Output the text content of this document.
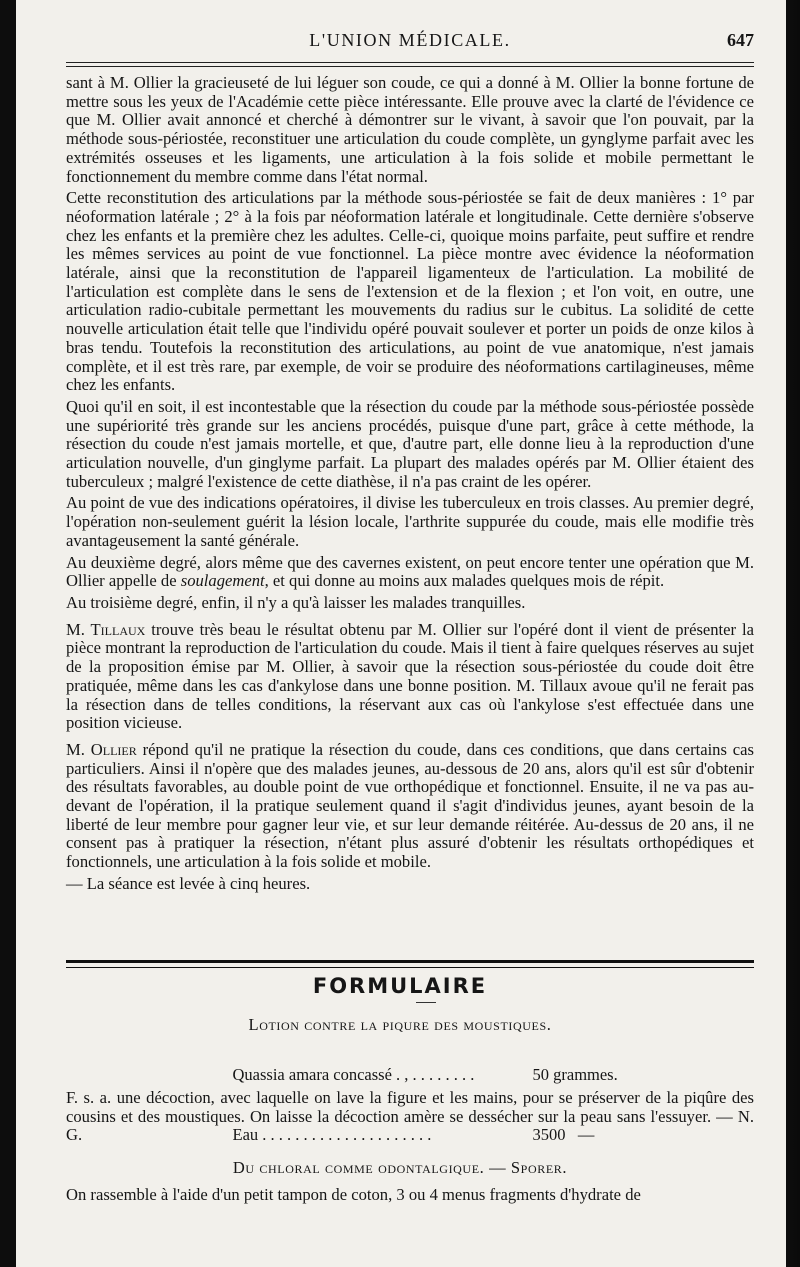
L'UNION MÉDICALE.	647

sant à M. Ollier la gracieuseté de lui léguer son coude, ce qui a donné à M. Ollier la bonne fortune de mettre sous les yeux de l'Académie cette pièce intéressante. Elle prouve avec la clarté de l'évidence ce que M. Ollier avait annoncé et cherché à démontrer sur le vivant, à savoir que l'on pouvait, par la méthode sous-périostée, reconstituer une articulation du coude complète, un gynglyme parfait avec les extrémités osseuses et les ligaments, une articulation à la fois solide et mobile permettant le fonctionnement du membre comme dans l'état normal.

Cette reconstitution des articulations par la méthode sous-périostée se fait de deux manières : 1° par néoformation latérale ; 2° à la fois par néoformation latérale et longitudinale. Cette dernière s'observe chez les enfants et la première chez les adultes. Celle-ci, quoique moins parfaite, peut suffire et rendre les mêmes services au point de vue fonctionnel. La pièce montre avec évidence la néoformation latérale, ainsi que la reconstitution de l'appareil ligamenteux de l'articulation. La mobilité de l'articulation est complète dans le sens de l'extension et de la flexion ; et l'on voit, en outre, une articulation radio-cubitale permettant les mouvements du radius sur le cubitus. La solidité de cette nouvelle articulation était telle que l'individu opéré pouvait soulever et porter un poids de onze kilos à bras tendu. Toutefois la reconstitution des articulations, au point de vue anatomique, n'est jamais complète, et il est très rare, par exemple, de voir se produire des néoformations cartilagineuses, même chez les enfants.

Quoi qu'il en soit, il est incontestable que la résection du coude par la méthode sous-périostée possède une supériorité très grande sur les anciens procédés, puisque d'une part, grâce à cette méthode, la résection du coude n'est jamais mortelle, et que, d'autre part, elle donne lieu à la reproduction d'une articulation nouvelle, d'un ginglyme parfait. La plupart des malades opérés par M. Ollier étaient des tuberculeux ; malgré l'existence de cette diathèse, il n'a pas craint de les opérer.

Au point de vue des indications opératoires, il divise les tuberculeux en trois classes. Au premier degré, l'opération non-seulement guérit la lésion locale, l'arthrite suppurée du coude, mais elle modifie très avantageusement la santé générale.

Au deuxième degré, alors même que des cavernes existent, on peut encore tenter une opération que M. Ollier appelle de soulagement, et qui donne au moins aux malades quelques mois de répit.

Au troisième degré, enfin, il n'y a qu'à laisser les malades tranquilles.

M. Tillaux trouve très beau le résultat obtenu par M. Ollier sur l'opéré dont il vient de présenter la pièce montrant la reproduction de l'articulation du coude. Mais il tient à faire quelques réserves au sujet de la proposition émise par M. Ollier, à savoir que la résection sous-périostée du coude doit être pratiquée, même dans les cas d'ankylose dans une bonne position. M. Tillaux avoue qu'il ne ferait pas la résection dans de telles conditions, la réservant aux cas où l'ankylose s'est effectuée dans une position vicieuse.

M. Ollier répond qu'il ne pratique la résection du coude, dans ces conditions, que dans certains cas particuliers. Ainsi il n'opère que des malades jeunes, au-dessous de 20 ans, alors qu'il est sûr d'obtenir des résultats favorables, au double point de vue orthopédique et fonctionnel. Ensuite, il ne va pas au-devant de l'opération, il la pratique seulement quand il s'agit d'individus jeunes, ayant besoin de la liberté de leur membre pour gagner leur vie, et sur leur demande réitérée. Au-dessus de 20 ans, il ne consent pas à pratiquer la résection, n'étant plus assuré d'obtenir les résultats orthopédiques et fonctionnels, une articulation à la fois solide et mobile.

— La séance est levée à cinq heures.

FORMULAIRE
Lotion contre la piqure des moustiques.

Quassia amara concassé . , . . . . . . . .	50 grammes.

Eau . . . . . . . . . . . . . . . . . . . . .	3500   —

F. s. a. une décoction, avec laquelle on lave la figure et les mains, pour se préserver de la piqûre des cousins et des moustiques. On laisse la décoction amère se dessécher sur la peau sans l'essuyer. — N. G.
Du chloral comme odontalgique. — Sporer.
On rassemble à l'aide d'un petit tampon de coton, 3 ou 4 menus fragments d'hydrate de
